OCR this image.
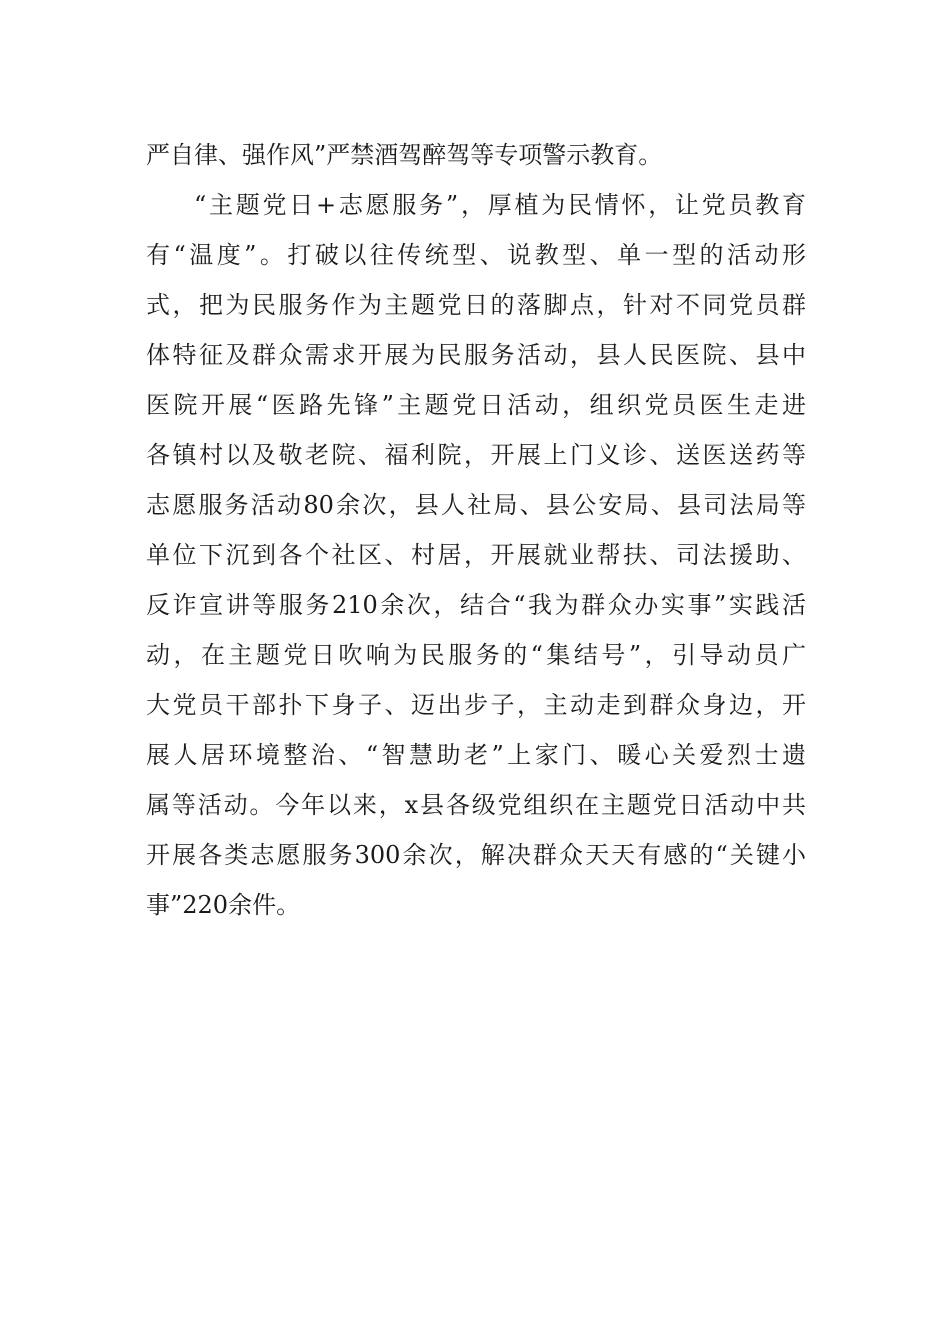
严自律、强作风”严禁酒驾醉驾等专项警示教育。
“主题党日+志愿服务”，厚植为民情怀，让党员教育
有“温度”。打破以往传统型、说教型、单一型的活动形
式，把为民服务作为主题党日的落脚点，针对不同党员群
体特征及群众需求开展为民服务活动，县人民医院、县中
医院开展“医路先锋”主题党日活动，组织党员医生走进
各镇村以及敬老院、福利院，开展上门义诊、送医送药等
志愿服务活动80余次，县人社局、县公安局、县司法局等
单位下沉到各个社区、村居，开展就业帮扶、司法援助、
反诈宣讲等服务210余次，结合“我为群众办实事”实践活
动，在主题党日吹响为民服务的“集结号”，引导动员广
大党员干部扑下身子、迈出步子，主动走到群众身边，开
展人居环境整治、“智慧助老”上家门、暖心关爱烈士遗
属等活动。今年以来，x县各级党组织在主题党日活动中共
开展各类志愿服务300余次，解决群众天天有感的“关键小
事”220余件。
